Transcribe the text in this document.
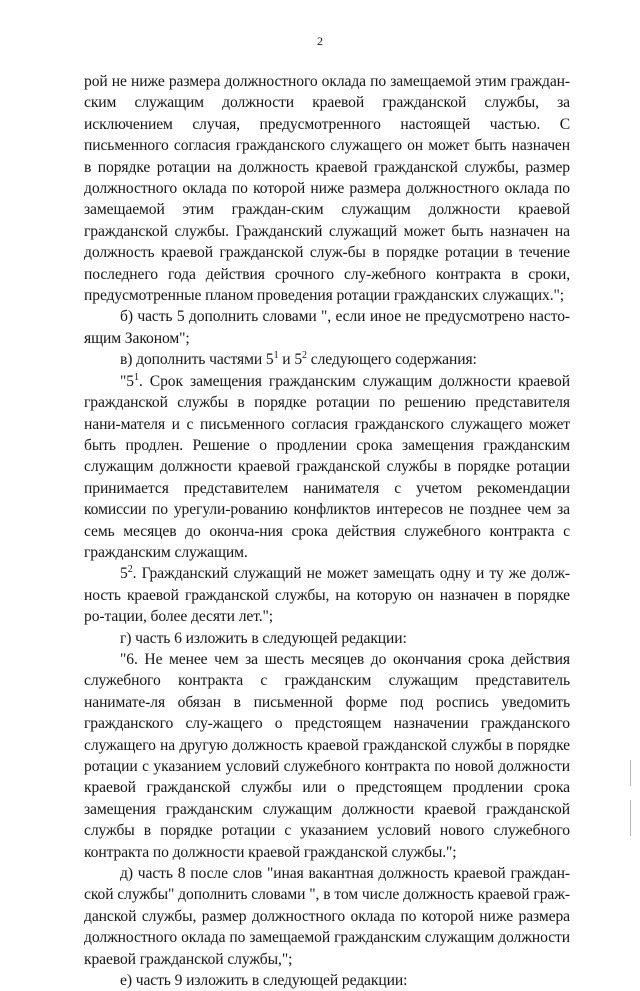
2

рой не ниже размера должностного оклада по замещаемой этим граждан-ским служащим должности краевой гражданской службы, за исключением случая, предусмотренного настоящей частью. С письменного согласия гражданского служащего он может быть назначен в порядке ротации на должность краевой гражданской службы, размер должностного оклада по которой ниже размера должностного оклада по замещаемой этим граждан-ским служащим должности краевой гражданской службы. Гражданский служащий может быть назначен на должность краевой гражданской служ-бы в порядке ротации в течение последнего года действия срочного слу-жебного контракта в сроки, предусмотренные планом проведения ротации гражданских служащих.";

б) часть 5 дополнить словами ", если иное не предусмотрено насто-ящим Законом";

в) дополнить частями $5^1$ и $5^2$ следующего содержания:

"$5^1$. Срок замещения гражданским служащим должности краевой гражданской службы в порядке ротации по решению представителя нани-мателя и с письменного согласия гражданского служащего может быть продлен. Решение о продлении срока замещения гражданским служащим должности краевой гражданской службы в порядке ротации принимается представителем нанимателя с учетом рекомендации комиссии по урегули-рованию конфликтов интересов не позднее чем за семь месяцев до оконча-ния срока действия служебного контракта с гражданским служащим.

$5^2$. Гражданский служащий не может замещать одну и ту же долж-ность краевой гражданской службы, на которую он назначен в порядке ро-тации, более десяти лет.";

г) часть 6 изложить в следующей редакции:

"6. Не менее чем за шесть месяцев до окончания срока действия служебного контракта с гражданским служащим представитель нанимате-ля обязан в письменной форме под роспись уведомить гражданского слу-жащего о предстоящем назначении гражданского служащего на другую должность краевой гражданской службы в порядке ротации с указанием условий служебного контракта по новой должности краевой гражданской службы или о предстоящем продлении срока замещения гражданским служащим должности краевой гражданской службы в порядке ротации с указанием условий нового служебного контракта по должности краевой гражданской службы.";

д) часть 8 после слов "иная вакантная должность краевой граждан-ской службы" дополнить словами ", в том числе должность краевой граж-данской службы, размер должностного оклада по которой ниже размера должностного оклада по замещаемой гражданским служащим должности краевой гражданской службы,";

е) часть 9 изложить в следующей редакции:
